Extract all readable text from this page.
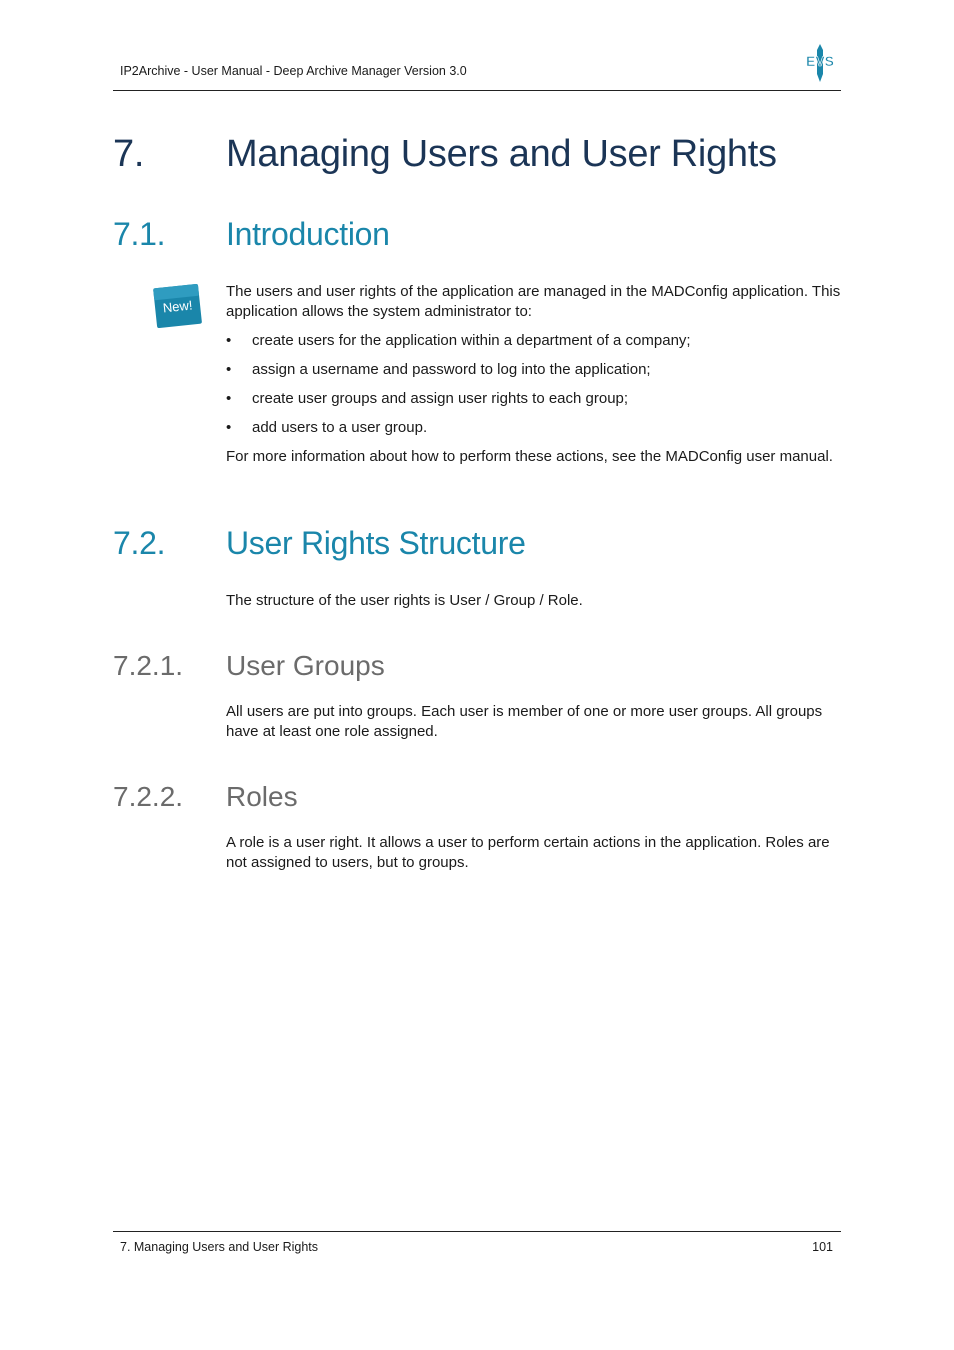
IP2Archive - User Manual - Deep Archive Manager Version 3.0
EVS
7. Managing Users and User Rights
7.1. Introduction
New!
The users and user rights of the application are managed in the MADConfig application. This application allows the system administrator to:
• create users for the application within a department of a company;
• assign a username and password to log into the application;
• create user groups and assign user rights to each group;
• add users to a user group.
For more information about how to perform these actions, see the MADConfig user manual.
7.2. User Rights Structure
The structure of the user rights is User / Group / Role.
7.2.1. User Groups
All users are put into groups. Each user is member of one or more user groups. All groups have at least one role assigned.
7.2.2. Roles
A role is a user right. It allows a user to perform certain actions in the application. Roles are not assigned to users, but to groups.
7. Managing Users and User Rights	101
